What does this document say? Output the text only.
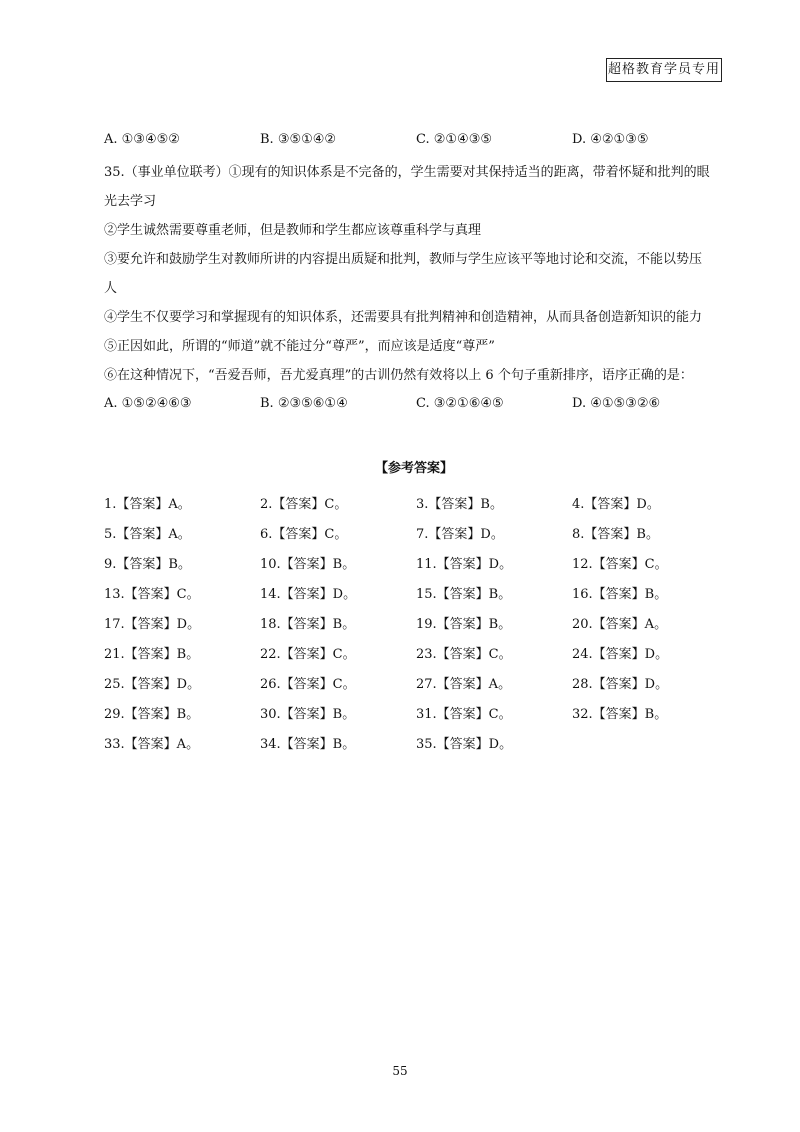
超格教育学员专用
A. ①③④⑤②	B. ③⑤①④②	C. ②①④③⑤	D. ④②①③⑤

35.（事业单位联考）①现有的知识体系是不完备的，学生需要对其保持适当的距离，带着怀疑和批判的眼

光去学习

②学生诚然需要尊重老师，但是教师和学生都应该尊重科学与真理

③要允许和鼓励学生对教师所讲的内容提出质疑和批判，教师与学生应该平等地讨论和交流，不能以势压

人

④学生不仅要学习和掌握现有的知识体系，还需要具有批判精神和创造精神，从而具备创造新知识的能力

⑤正因如此，所谓的“师道”就不能过分“尊严”，而应该是适度“尊严”

⑥在这种情况下，“吾爱吾师，吾尤爱真理”的古训仍然有效将以上 6 个句子重新排序，语序正确的是：

A. ①⑤②④⑥③	B. ②③⑤⑥①④	C. ③②①⑥④⑤	D. ④①⑤③②⑥
【参考答案】
1.【答案】A。	2.【答案】C。	3.【答案】B。	4.【答案】D。
5.【答案】A。	6.【答案】C。	7.【答案】D。	8.【答案】B。
9.【答案】B。	10.【答案】B。	11.【答案】D。	12.【答案】C。
13.【答案】C。	14.【答案】D。	15.【答案】B。	16.【答案】B。
17.【答案】D。	18.【答案】B。	19.【答案】B。	20.【答案】A。
21.【答案】B。	22.【答案】C。	23.【答案】C。	24.【答案】D。
25.【答案】D。	26.【答案】C。	27.【答案】A。	28.【答案】D。
29.【答案】B。	30.【答案】B。	31.【答案】C。	32.【答案】B。
33.【答案】A。	34.【答案】B。	35.【答案】D。
55
